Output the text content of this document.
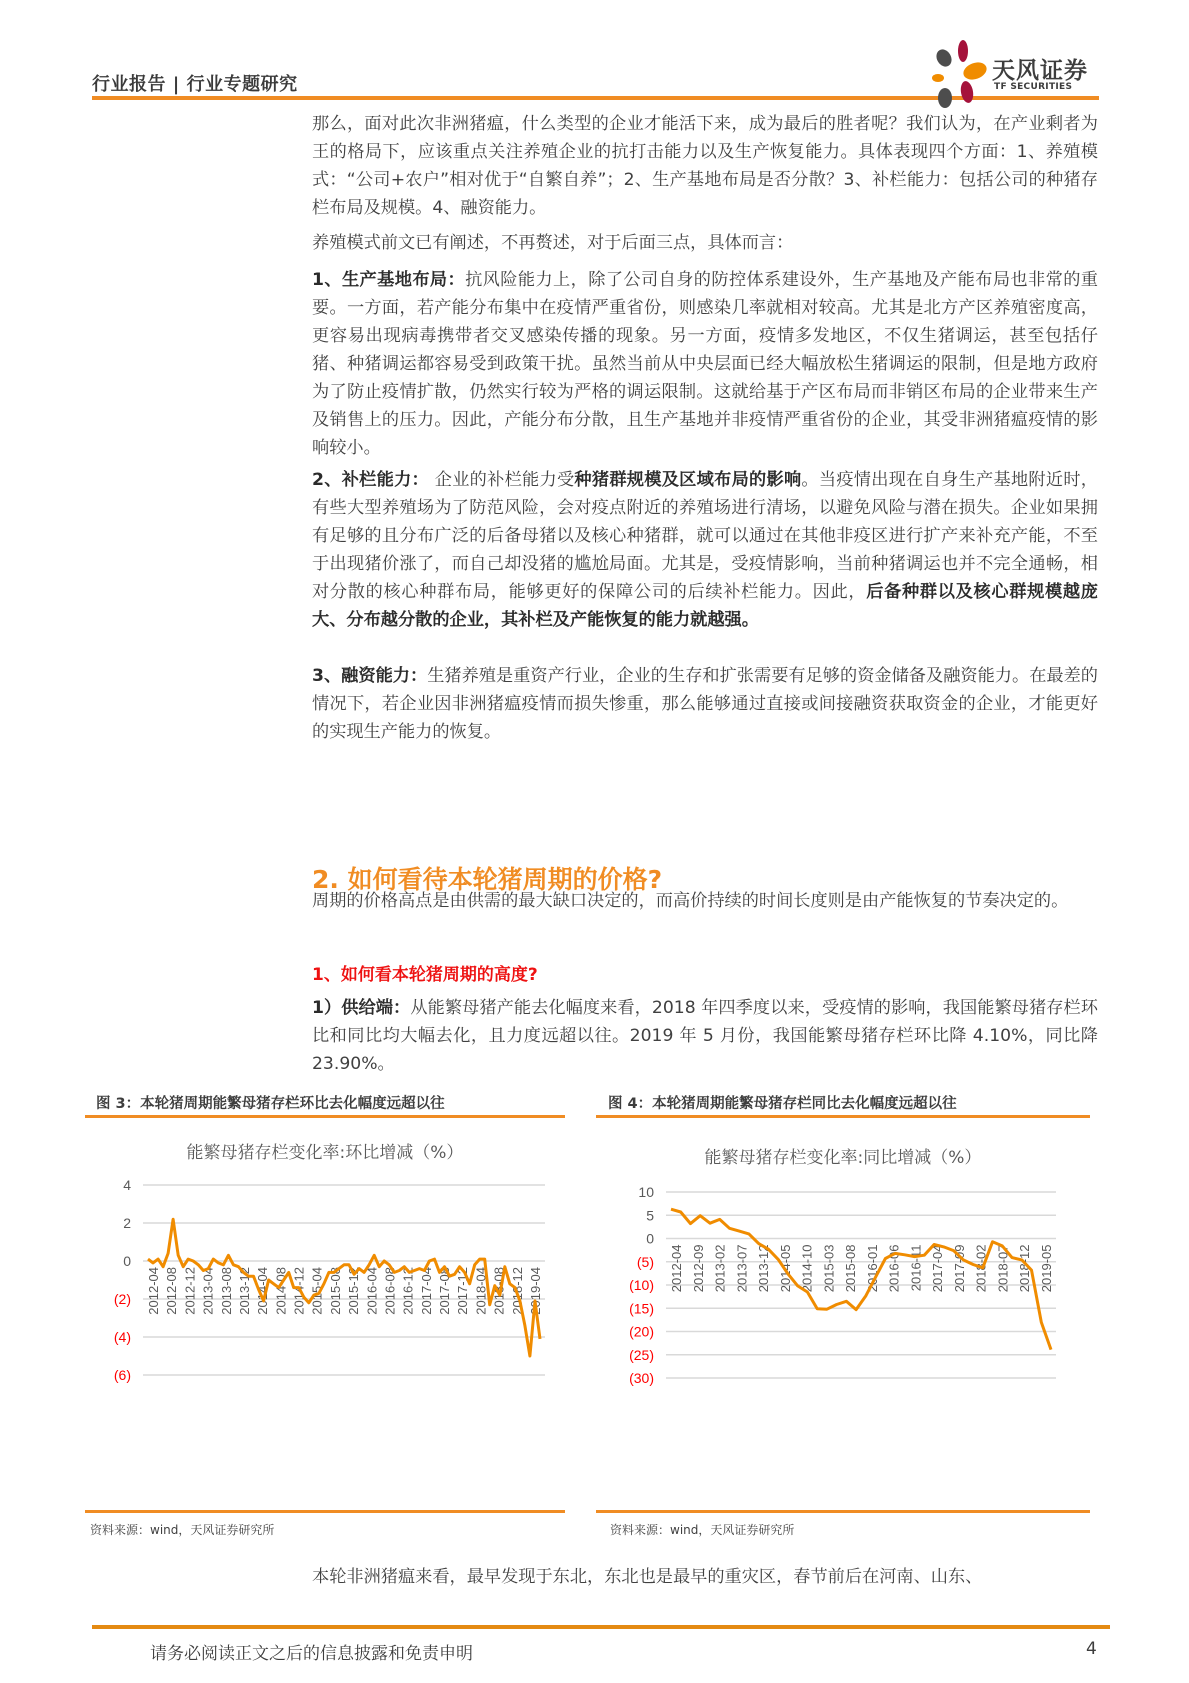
行业报告 | 行业专题研究
天风证券
TF SECURITIES
那么，面对此次非洲猪瘟，什么类型的企业才能活下来，成为最后的胜者呢？我们认为，在产业剩者为王的格局下，应该重点关注养殖企业的抗打击能力以及生产恢复能力。具体表现四个方面：1、养殖模式：“公司+农户”相对优于“自繁自养”；2、生产基地布局是否分散？3、补栏能力：包括公司的种猪存栏布局及规模。4、融资能力。
养殖模式前文已有阐述，不再赘述，对于后面三点，具体而言：
1、生产基地布局：抗风险能力上，除了公司自身的防控体系建设外，生产基地及产能布局也非常的重要。一方面，若产能分布集中在疫情严重省份，则感染几率就相对较高。尤其是北方产区养殖密度高，更容易出现病毒携带者交叉感染传播的现象。另一方面，疫情多发地区，不仅生猪调运，甚至包括仔猪、种猪调运都容易受到政策干扰。虽然当前从中央层面已经大幅放松生猪调运的限制，但是地方政府为了防止疫情扩散，仍然实行较为严格的调运限制。这就给基于产区布局而非销区布局的企业带来生产及销售上的压力。因此，产能分布分散，且生产基地并非疫情严重省份的企业，其受非洲猪瘟疫情的影响较小。
2、补栏能力： 企业的补栏能力受种猪群规模及区域布局的影响。当疫情出现在自身生产基地附近时，有些大型养殖场为了防范风险，会对疫点附近的养殖场进行清场，以避免风险与潜在损失。企业如果拥有足够的且分布广泛的后备母猪以及核心种猪群，就可以通过在其他非疫区进行扩产来补充产能，不至于出现猪价涨了，而自己却没猪的尴尬局面。尤其是，受疫情影响，当前种猪调运也并不完全通畅，相对分散的核心种群布局，能够更好的保障公司的后续补栏能力。因此，后备种群以及核心群规模越庞大、分布越分散的企业，其补栏及产能恢复的能力就越强。
3、融资能力：生猪养殖是重资产行业，企业的生存和扩张需要有足够的资金储备及融资能力。在最差的情况下，若企业因非洲猪瘟疫情而损失惨重，那么能够通过直接或间接融资获取资金的企业，才能更好的实现生产能力的恢复。
2. 如何看待本轮猪周期的价格?
周期的价格高点是由供需的最大缺口决定的，而高价持续的时间长度则是由产能恢复的节奏决定的。
1、如何看本轮猪周期的高度?
1）供给端：从能繁母猪产能去化幅度来看，2018 年四季度以来，受疫情的影响，我国能繁母猪存栏环比和同比均大幅去化，且力度远超以往。2019 年 5 月份，我国能繁母猪存栏环比降 4.10%，同比降 23.90%。
图 3：本轮猪周期能繁母猪存栏环比去化幅度远超以往
能繁母猪存栏变化率:环比增减（%）
4
2
0
(2)
(4)
(6)
2012-04 2012-08 2012-12 2013-04 2013-08 2013-12 2014-04 2014-08 2014-12 2015-04 2015-08 2015-12 2016-04 2016-08 2016-12 2017-04 2017-08 2017-12 2018-04 2018-08 2018-12 2019-04
资料来源：wind，天风证券研究所
图 4：本轮猪周期能繁母猪存栏同比去化幅度远超以往
能繁母猪存栏变化率:同比增减（%）
10
5
0
(5)
(10)
(15)
(20)
(25)
(30)
2012-04 2012-09 2013-02 2013-07 2013-12 2014-05 2014-10 2015-03 2015-08 2016-01 2016-06 2016-11 2017-04 2017-09 2018-02 2018-07 2018-12 2019-05
资料来源：wind，天风证券研究所
本轮非洲猪瘟来看，最早发现于东北，东北也是最早的重灾区，春节前后在河南、山东、
请务必阅读正文之后的信息披露和免责申明	4
